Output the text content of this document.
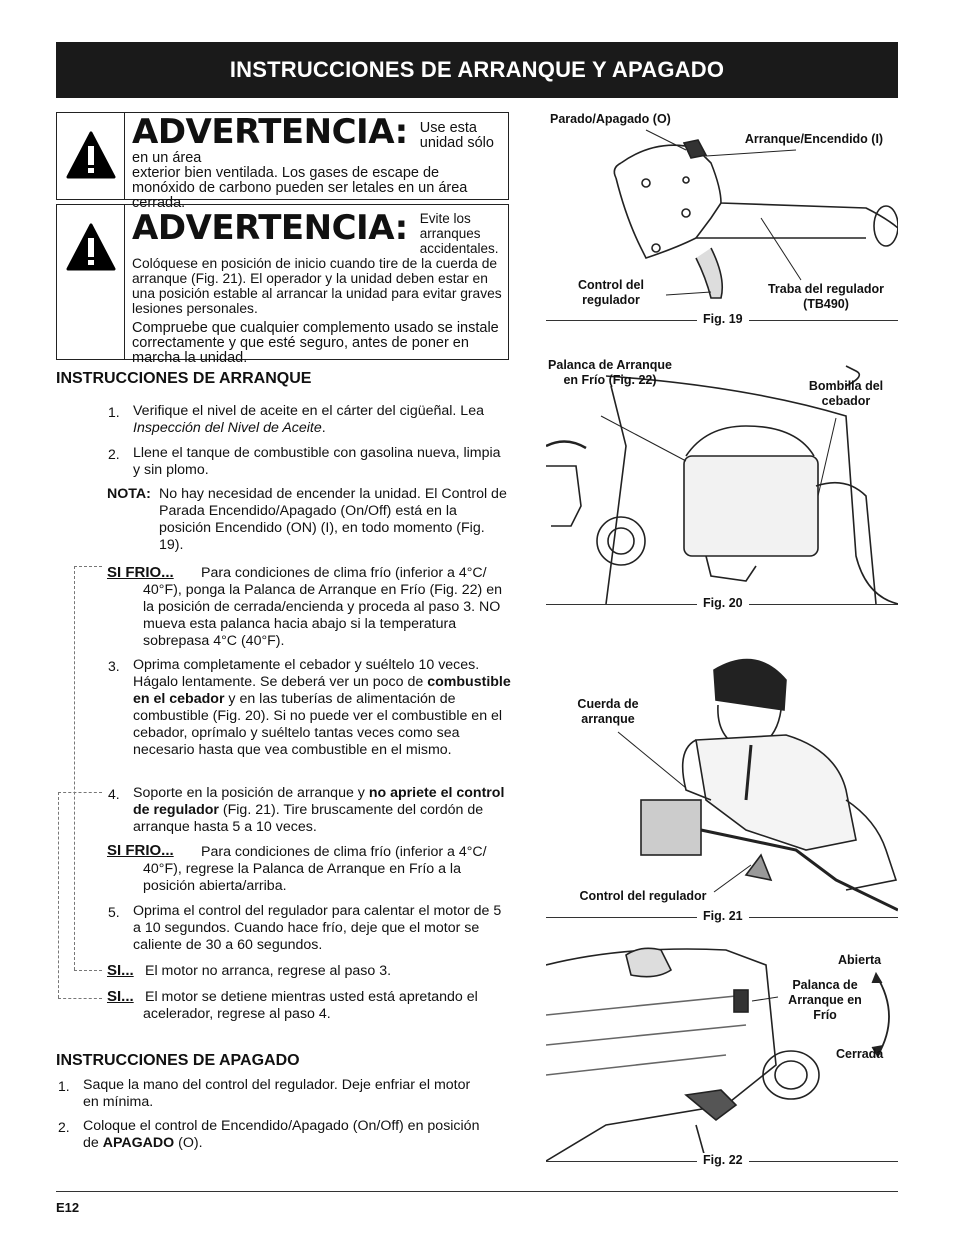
INSTRUCCIONES DE ARRANQUE Y APAGADO
ADVERTENCIA: Use esta unidad sólo en un área
exterior bien ventilada. Los gases de escape de monóxido de carbono pueden ser letales en un área cerrada.
ADVERTENCIA: Evite los arranques accidentales.
Colóquese en posición de inicio cuando tire de la cuerda de arranque (Fig. 21). El operador y la unidad deben estar en una posición estable al arrancar la unidad para evitar graves lesiones personales.
Compruebe que cualquier complemento usado se instale correctamente y que esté seguro, antes de poner en marcha la unidad.
INSTRUCCIONES DE ARRANQUE
1. Verifique el nivel de aceite en el cárter del cigüeñal. Lea Inspección del Nivel de Aceite.
2. Llene el tanque de combustible con gasolina nueva, limpia y sin plomo.
NOTA: No hay necesidad de encender la unidad. El Control de Parada Encendido/Apagado (On/Off) está en la posición Encendido (ON) (I), en todo momento (Fig. 19).
SI FRIO...	Para condiciones de clima frío (inferior a 4°C/ 40°F), ponga la Palanca de Arranque en Frío (Fig. 22) en la posición de cerrada/encienda y proceda al paso 3. NO mueva esta palanca hacia abajo si la temperatura sobrepasa 4°C (40°F).
3. Oprima completamente el cebador y suéltelo 10 veces. Hágalo lentamente. Se deberá ver un poco de combustible en el cebador y en las tuberías de alimentación de combustible (Fig. 20). Si no puede ver el combustible en el cebador, oprímalo y suéltelo tantas veces como sea necesario hasta que vea combustible en el mismo.
4. Soporte en la posición de arranque y no apriete el control de regulador (Fig. 21). Tire bruscamente del cordón de arranque hasta 5 a 10 veces.
SI FRIO...	Para condiciones de clima frío (inferior a 4°C/ 40°F), regrese la Palanca de Arranque en Frío a la posición abierta/arriba.
5. Oprima el control del regulador para calentar el motor de 5 a 10 segundos. Cuando hace frío, deje que el motor se caliente de 30 a 60 segundos.
SI... El motor no arranca, regrese al paso 3.
SI... El motor se detiene mientras usted está apretando el acelerador, regrese al paso 4.
INSTRUCCIONES DE APAGADO
1. Saque la mano del control del regulador. Deje enfriar el motor en mínima.
2. Coloque el control de Encendido/Apagado (On/Off) en posición de APAGADO (O).
Parado/Apagado (O)
Arranque/Encendido (I)
Control del regulador
Traba del regulador (TB490)
Fig. 19
Palanca de Arranque en Frío (Fig. 22)	Bombilla del cebador
Fig. 20
Cuerda de arranque
Control del regulador
Fig. 21
Abierta
Palanca de Arranque en Frío
Cerrada
Fig. 22
E12
